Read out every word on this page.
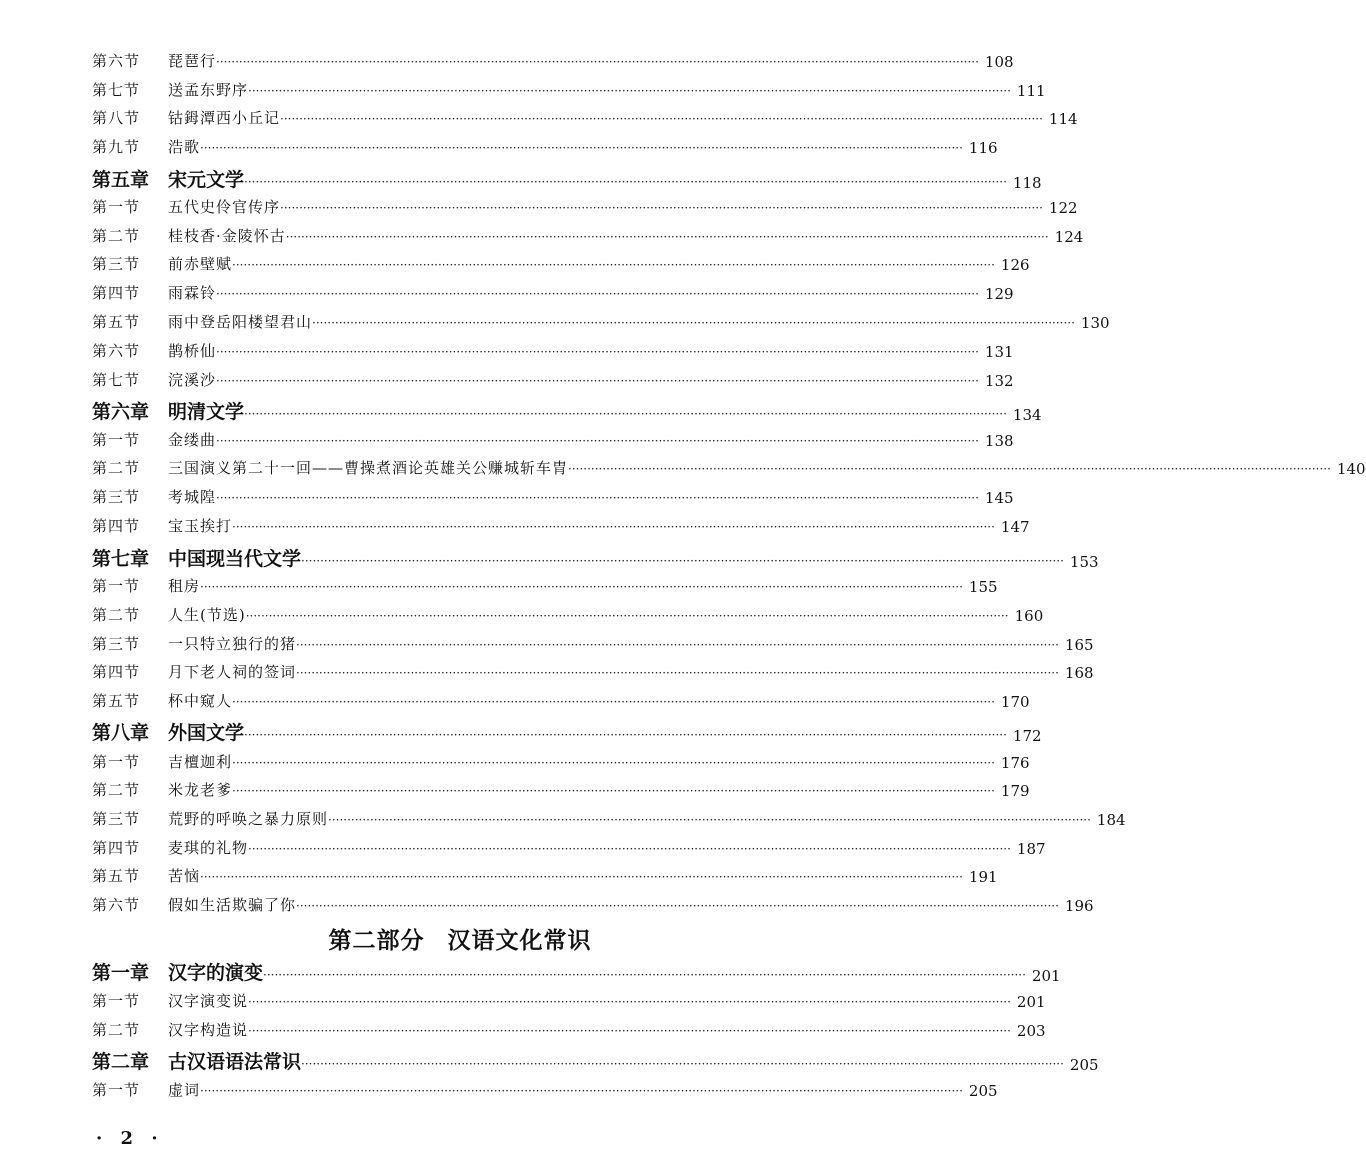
第六节	琵琶行 ········································································································································································································ 108
第七节	送孟东野序 ········································································································································································································ 111
第八节	钴鉧潭西小丘记 ········································································································································································································ 114
第九节	浩歌 ········································································································································································································ 116
第五章 宋元文学 ········································································································································································································ 118
第一节	五代史伶官传序 ········································································································································································································ 122
第二节	桂枝香·金陵怀古 ········································································································································································································ 124
第三节	前赤壁赋 ········································································································································································································ 126
第四节	雨霖铃 ········································································································································································································ 129
第五节	雨中登岳阳楼望君山 ········································································································································································································ 130
第六节	鹊桥仙 ········································································································································································································ 131
第七节	浣溪沙 ········································································································································································································ 132
第六章 明清文学 ········································································································································································································ 134
第一节	金缕曲 ········································································································································································································ 138
第二节	三国演义第二十一回——曹操煮酒论英雄关公赚城斩车胄 ········································································································································································································ 140
第三节	考城隍 ········································································································································································································ 145
第四节	宝玉挨打 ········································································································································································································ 147
第七章 中国现当代文学 ········································································································································································································ 153
第一节	租房 ········································································································································································································ 155
第二节	人生(节选) ········································································································································································································ 160
第三节	一只特立独行的猪 ········································································································································································································ 165
第四节	月下老人祠的签词 ········································································································································································································ 168
第五节	杯中窥人 ········································································································································································································ 170
第八章 外国文学 ········································································································································································································ 172
第一节	吉檀迦利 ········································································································································································································ 176
第二节	米龙老爹 ········································································································································································································ 179
第三节	荒野的呼唤之暴力原则 ········································································································································································································ 184
第四节	麦琪的礼物 ········································································································································································································ 187
第五节	苦恼 ········································································································································································································ 191
第六节	假如生活欺骗了你 ········································································································································································································ 196
第一章 汉字的演变 ········································································································································································································ 201
第一节	汉字演变说 ········································································································································································································ 201
第二节	汉字构造说 ········································································································································································································ 203
第二章 古汉语语法常识 ········································································································································································································ 205
第一节	虚词 ········································································································································································································ 205
· 2 ·
第二部分 汉语文化常识
